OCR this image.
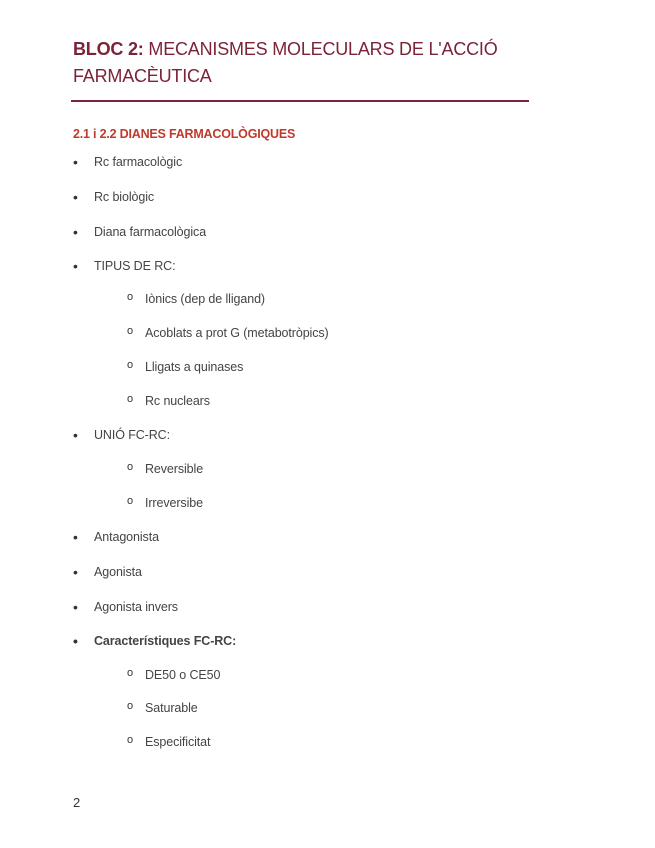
BLOC 2: MECANISMES MOLECULARS DE L'ACCIÓ FARMACÈUTICA
2.1 i 2.2 DIANES FARMACOLÒGIQUES
• Rc farmacològic
• Rc biològic
• Diana farmacològica
• TIPUS DE RC:
o Iònics (dep de lligand)
o Acoblats a prot G (metabotròpics)
o Lligats a quinases
o Rc nuclears
• UNIÓ FC-RC:
o Reversible
o Irreversibe
• Antagonista
• Agonista
• Agonista invers
• Característiques FC-RC:
o DE50 o CE50
o Saturable
o Especificitat
2
